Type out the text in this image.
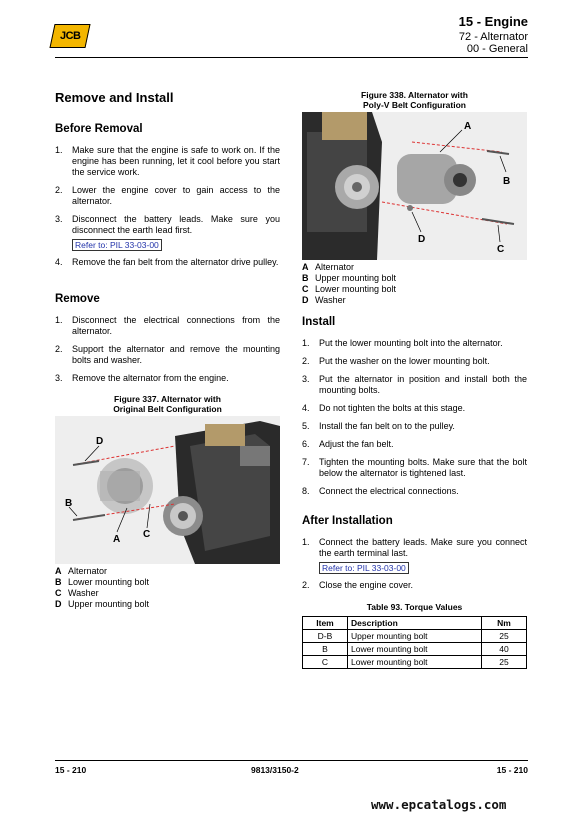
JCB
15 - Engine
72 - Alternator
00 - General
Remove and Install
Before Removal
1. Make sure that the engine is safe to work on. If the engine has been running, let it cool before you start the service work.
2. Lower the engine cover to gain access to the alternator.
3. Disconnect the battery leads. Make sure you disconnect the earth lead first.
Refer to: PIL 33-03-00
4. Remove the fan belt from the alternator drive pulley.
Remove
1. Disconnect the electrical connections from the alternator.
2. Support the alternator and remove the mounting bolts and washer.
3. Remove the alternator from the engine.
Figure 337. Alternator with
Original Belt Configuration
D
B
A C
A Alternator
B Lower mounting bolt
C Washer
D Upper mounting bolt
Figure 338. Alternator with
Poly-V Belt Configuration
A
B
D
C
A Alternator
B Upper mounting bolt
C Lower mounting bolt
D Washer
Install
1. Put the lower mounting bolt into the alternator.
2. Put the washer on the lower mounting bolt.
3. Put the alternator in position and install both the mounting bolts.
4. Do not tighten the bolts at this stage.
5. Install the fan belt on to the pulley.
6. Adjust the fan belt.
7. Tighten the mounting bolts. Make sure that the bolt below the alternator is tightened last.
8. Connect the electrical connections.
After Installation
1. Connect the battery leads. Make sure you connect the earth terminal last.
Refer to: PIL 33-03-00
2. Close the engine cover.
Table 93. Torque Values
Item	Description	Nm
D-B	Upper mounting bolt	25
B	Lower mounting bolt	40
C	Lower mounting bolt	25
15 - 210	9813/3150-2	15 - 210
www.epcatalogs.com
